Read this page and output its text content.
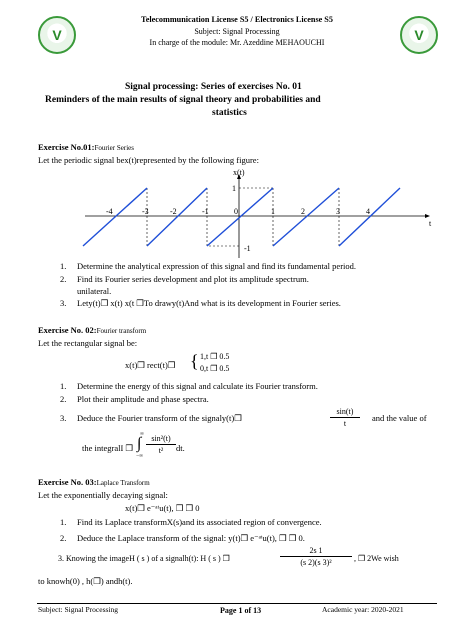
V	V
Telecommunication License S5 / Electronics License S5
Subject: Signal Processing
In charge of the module: Mr. Azeddine MEHAOUCHI
Signal processing: Series of exercises No. 01
Reminders of the main results of signal theory and probabilities and
statistics
Exercise No.01:Fourier Series
Let the periodic signal bex(t)represented by the following figure:
x(t)
t
-4	-3	-2	-1	0	1	2	3	4
1
-1
1. Determine the analytical expression of this signal and find its fundamental period.
2. Find its Fourier series development and plot its amplitude spectrum.
unilateral.
3. Lety(t)❒ x(t) x(t ❒To drawy(t)And what is its development in Fourier series.
Exercise No. 02:Fourier transform
Let the rectangular signal be:
x(t)❒ rect(t)❒ { 1,t ❒ 0.5
0,t ❒ 0.5
1. Determine the energy of this signal and calculate its Fourier transform.
2. Plot their amplitude and phase spectra.
3. Deduce the Fourier transform of the signaly(t)❒
sin(t)
t
and the value of
the integralI ❒ ∫
∞
−∞
sin²(t)
t²	dt.
Exercise No. 03:Laplace Transform
Let the exponentially decaying signal:
x(t)❒ e⁻ᵃᵗu(t), ❒ ❒ 0
1. Find its Laplace transformX(s)and its associated region of convergence.
2. Deduce the Laplace transform of the signal: y(t)❒ e⁻ᵃᵗu(t), ❒ ❒ 0.
3. Knowing the imageH ( s ) of a signalh(t): H ( s ) ❒
2s 1
(s 2)(s 3)²	, ❒ 2We wish
to knowh(0) , h(❒) andh(t).
Subject: Signal Processing	Page 1 of 13	Academic year: 2020-2021
